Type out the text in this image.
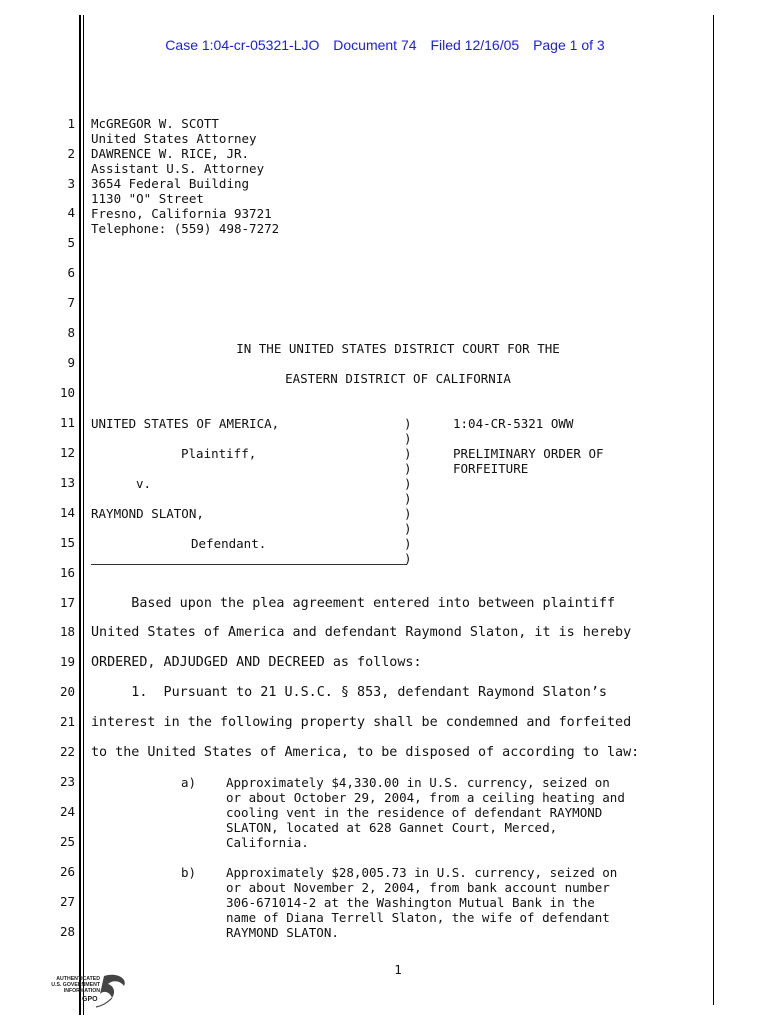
Case 1:04-cr-05321-LJO Document 74 Filed 12/16/05 Page 1 of 3
1
2
3
4
5
6
7
8
9
10
11
12
13
14
15
16
17
18
19
20
21
22
23
24
25
26
27
28
McGREGOR W. SCOTT
United States Attorney
DAWRENCE W. RICE, JR.
Assistant U.S. Attorney
3654 Federal Building
1130 "O" Street
Fresno, California 93721
Telephone: (559) 498-7272
IN THE UNITED STATES DISTRICT COURT FOR THE
EASTERN DISTRICT OF CALIFORNIA
UNITED STATES OF AMERICA,
Plaintiff,
v.
RAYMOND SLATON,
Defendant.
)
)
)
)
)
)
)
)
)
)
1:04-CR-5321 OWW
PRELIMINARY ORDER OF
FORFEITURE
Based upon the plea agreement entered into between plaintiff
United States of America and defendant Raymond Slaton, it is hereby
ORDERED, ADJUDGED AND DECREED as follows:
1.  Pursuant to 21 U.S.C. § 853, defendant Raymond Slaton’s
interest in the following property shall be condemned and forfeited
to the United States of America, to be disposed of according to law:
a) Approximately $4,330.00 in U.S. currency, seized on
or about October 29, 2004, from a ceiling heating and
cooling vent in the residence of defendant RAYMOND
SLATON, located at 628 Gannet Court, Merced,
California.
b) Approximately $28,005.73 in U.S. currency, seized on
or about November 2, 2004, from bank account number
306-671014-2 at the Washington Mutual Bank in the
name of Diana Terrell Slaton, the wife of defendant
RAYMOND SLATON.
1
AUTHENTICATED
U.S. GOVERNMENT
INFORMATION
GPO
